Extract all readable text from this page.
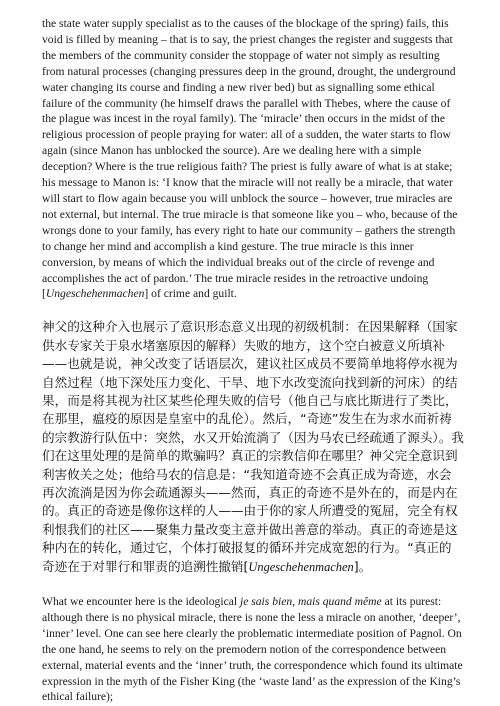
the state water supply specialist as to the causes of the blockage of the spring) fails, this void is filled by meaning – that is to say, the priest changes the register and suggests that the members of the community consider the stoppage of water not simply as resulting from natural processes (changing pressures deep in the ground, drought, the underground water changing its course and finding a new river bed) but as signalling some ethical failure of the community (he himself draws the parallel with Thebes, where the cause of the plague was incest in the royal family). The ‘miracle’ then occurs in the midst of the religious procession of people praying for water: all of a sudden, the water starts to flow again (since Manon has unblocked the source). Are we dealing here with a simple deception? Where is the true religious faith? The priest is fully aware of what is at stake; his message to Manon is: ‘I know that the miracle will not really be a miracle, that water will start to flow again because you will unblock the source – however, true miracles are not external, but internal. The true miracle is that someone like you – who, because of the wrongs done to your family, has every right to hate our community – gathers the strength to change her mind and accomplish a kind gesture. The true miracle is this inner conversion, by means of which the individual breaks out of the circle of revenge and accomplishes the act of pardon.’ The true miracle resides in the retroactive undoing [Ungeschehenmachen] of crime and guilt.

神父的这种介入也展示了意识形态意义出现的初级机制：在因果解释（国家供水专家关于泉水堵塞原因的解释）失败的地方，这个空白被意义所填补——也就是说，神父改变了话语层次，建议社区成员不要简单地将停水视为自然过程（地下深处压力变化、干旱、地下水改变流向找到新的河床）的结果，而是将其视为社区某些伦理失败的信号（他自己与底比斯进行了类比，在那里，瘟疫的原因是皇室中的乱伦）。然后，“奇迹”发生在为求水而祈祷的宗教游行队伍中：突然，水又开始流淌了（因为马农已经疏通了源头）。我们在这里处理的是简单的欺骗吗？真正的宗教信仰在哪里？神父完全意识到利害攸关之处；他给马农的信息是：“我知道奇迹不会真正成为奇迹，水会再次流淌是因为你会疏通源头——然而，真正的奇迹不是外在的，而是内在的。真正的奇迹是像你这样的人——由于你的家人所遭受的冤屈，完全有权利恨我们的社区——聚集力量改变主意并做出善意的举动。真正的奇迹是这种内在的转化，通过它，个体打破报复的循环并完成宽恕的行为。“真正的奇迹在于对罪行和罪责的追溯性撤销[Ungeschehenmachen]。

What we encounter here is the ideological je sais bien, mais quand même at its purest: although there is no physical miracle, there is none the less a miracle on another, ‘deeper’, ‘inner’ level. One can see here clearly the problematic intermediate position of Pagnol. On the one hand, he seems to rely on the premodern notion of the correspondence between external, material events and the ‘inner’ truth, the correspondence which found its ultimate expression in the myth of the Fisher King (the ‘waste land’ as the expression of the King’s ethical failure);
